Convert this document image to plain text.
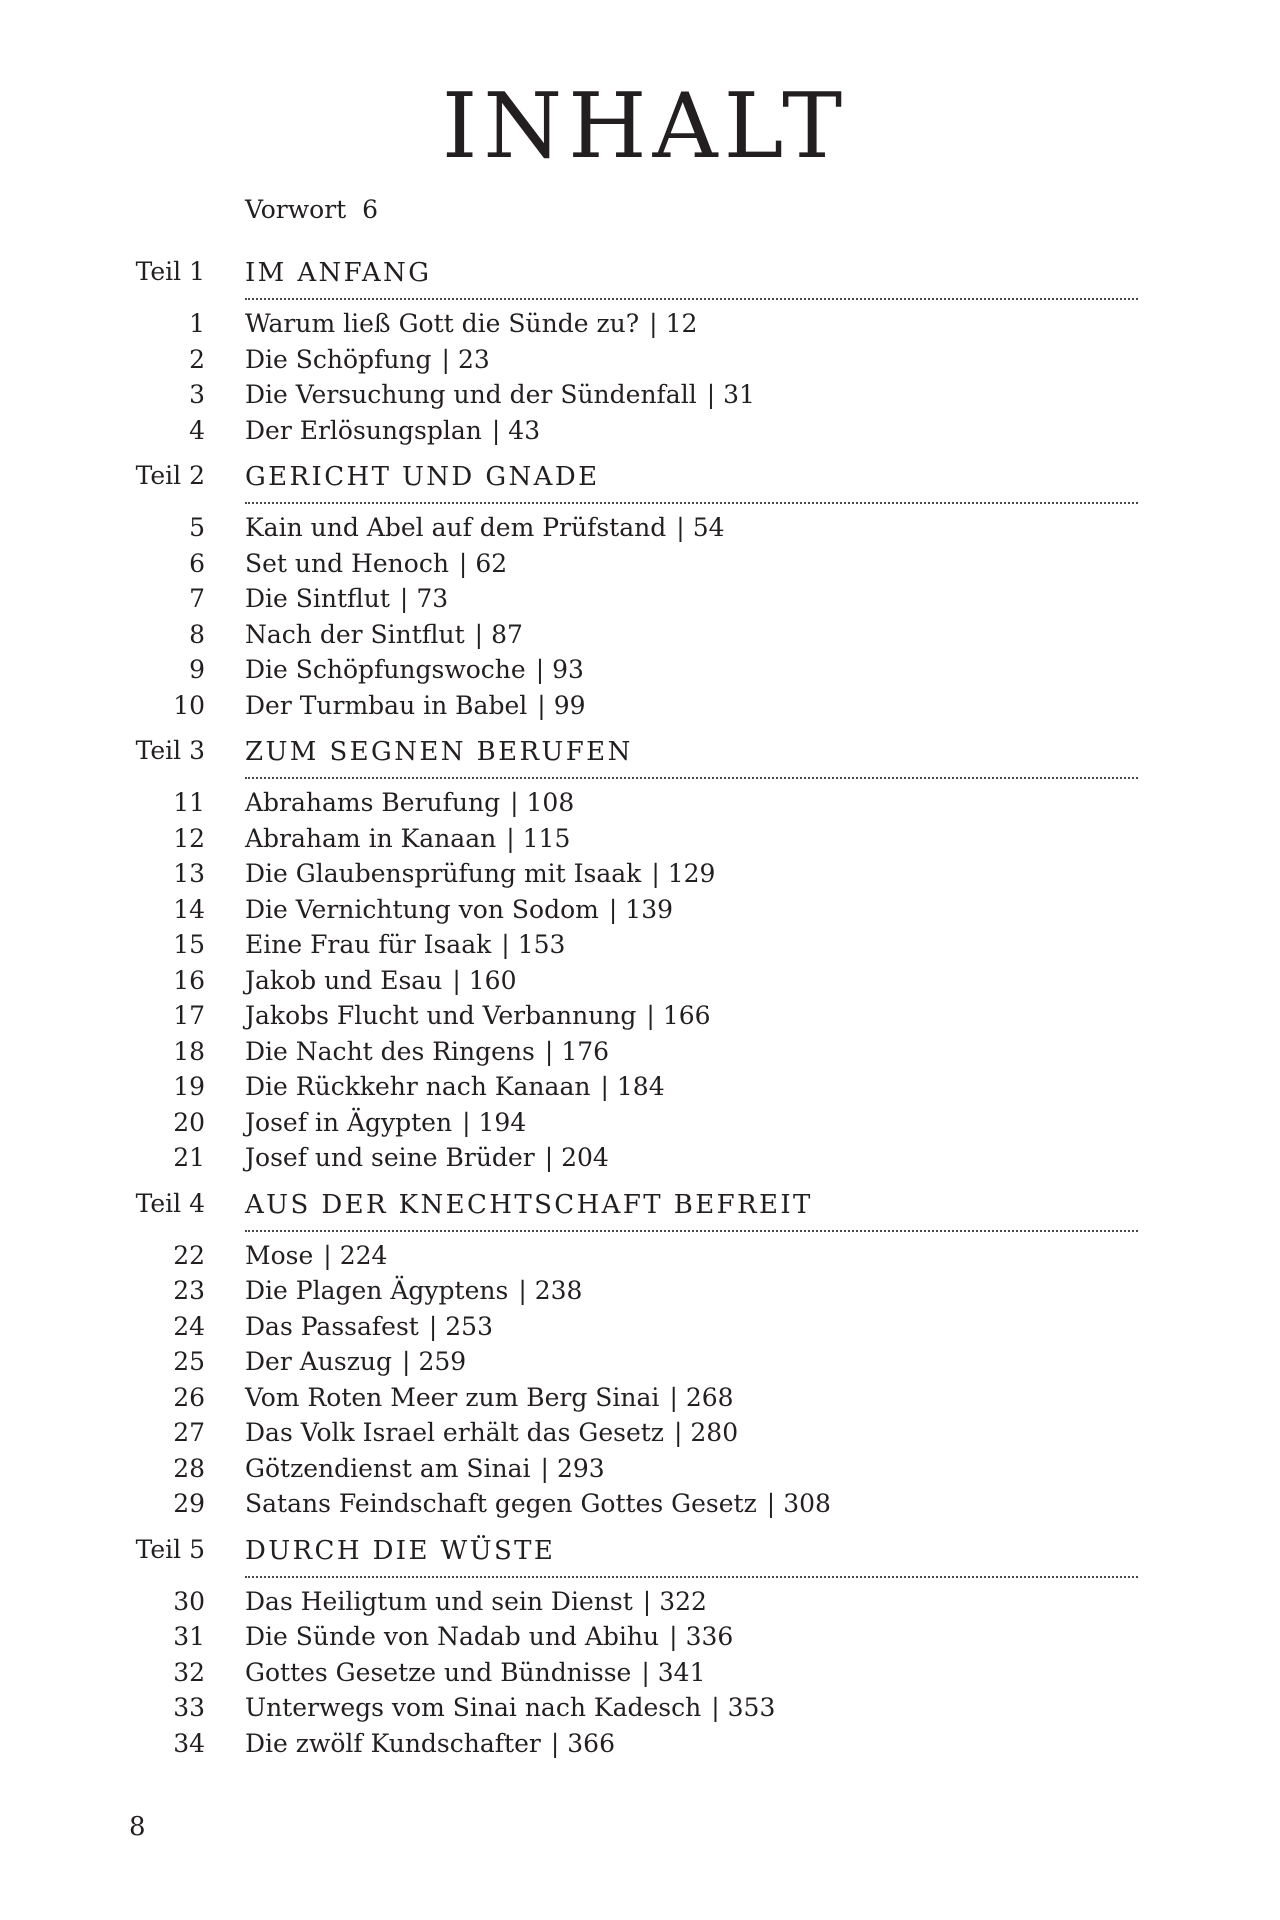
INHALT
Vorwort 6
Teil 1 IM ANFANG
1 Warum ließ Gott die Sünde zu? | 12
2 Die Schöpfung | 23
3 Die Versuchung und der Sündenfall | 31
4 Der Erlösungsplan | 43
Teil 2 GERICHT UND GNADE
5 Kain und Abel auf dem Prüfstand | 54
6 Set und Henoch | 62
7 Die Sintflut | 73
8 Nach der Sintflut | 87
9 Die Schöpfungswoche | 93
10 Der Turmbau in Babel | 99
Teil 3 ZUM SEGNEN BERUFEN
11 Abrahams Berufung | 108
12 Abraham in Kanaan | 115
13 Die Glaubensprüfung mit Isaak | 129
14 Die Vernichtung von Sodom | 139
15 Eine Frau für Isaak | 153
16 Jakob und Esau | 160
17 Jakobs Flucht und Verbannung | 166
18 Die Nacht des Ringens | 176
19 Die Rückkehr nach Kanaan | 184
20 Josef in Ägypten | 194
21 Josef und seine Brüder | 204
Teil 4 AUS DER KNECHTSCHAFT BEFREIT
22 Mose | 224
23 Die Plagen Ägyptens | 238
24 Das Passafest | 253
25 Der Auszug | 259
26 Vom Roten Meer zum Berg Sinai | 268
27 Das Volk Israel erhält das Gesetz | 280
28 Götzendienst am Sinai | 293
29 Satans Feindschaft gegen Gottes Gesetz | 308
Teil 5 DURCH DIE WÜSTE
30 Das Heiligtum und sein Dienst | 322
31 Die Sünde von Nadab und Abihu | 336
32 Gottes Gesetze und Bündnisse | 341
33 Unterwegs vom Sinai nach Kadesch | 353
34 Die zwölf Kundschafter | 366
8
